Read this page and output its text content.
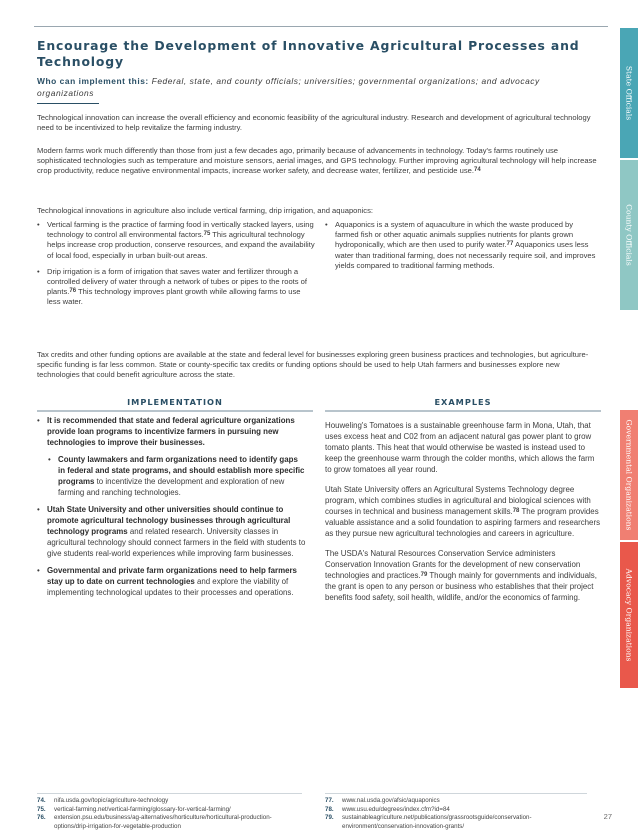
Encourage the Development of Innovative Agricultural Processes and Technology
Who can implement this: Federal, state, and county officials; universities; governmental organizations; and advocacy organizations

Technological innovation can increase the overall efficiency and economic feasibility of the agricultural industry. Research and development of agricultural technology need to be incentivized to help revitalize the farming industry.

Modern farms work much differently than those from just a few decades ago, primarily because of advancements in technology. Today's farms routinely use sophisticated technologies such as temperature and moisture sensors, aerial images, and GPS technology. Further improving agricultural technology will help increase crop productivity, reduce negative environmental impacts, increase worker safety, and decrease water, fertilizer, and pesticide use.$^{74}$

Technological innovations in agriculture also include vertical farming, drip irrigation, and aquaponics:

• Vertical farming is the practice of farming food in vertically stacked layers, using technology to control all environmental factors.$^{75}$ This agricultural technology helps increase crop production, conserve resources, and expand the availability of local food, especially in urban built-out areas.
• Drip irrigation is a form of irrigation that saves water and fertilizer through a controlled delivery of water through a network of tubes or pipes to the roots of plants.$^{76}$ This technology improves plant growth while allowing farms to use less water.
• Aquaponics is a system of aquaculture in which the waste produced by farmed fish or other aquatic animals supplies nutrients for plants grown hydroponically, which are then used to purify water.$^{77}$ Aquaponics uses less water than traditional farming, does not necessarily require soil, and improves yields compared to traditional farming methods.

Tax credits and other funding options are available at the state and federal level for businesses exploring green business practices and technologies, but agriculture-specific funding is far less common. State or county-specific tax credits or funding options should be used to help Utah farmers and businesses explore new technologies that could benefit agriculture across the state.

IMPLEMENTATION	EXAMPLES
• It is recommended that state and federal agriculture organizations provide loan programs to incentivize farmers in pursuing new technologies to improve their businesses.
• County lawmakers and farm organizations need to identify gaps in federal and state programs, and should establish more specific programs to incentivize the development and exploration of new farming and ranching technologies.
• Utah State University and other universities should continue to promote agricultural technology businesses through agricultural technology programs and related research. University classes in agricultural technology should connect farmers in the field with students to give students real-world experiences while improving farm businesses.
• Governmental and private farm organizations need to help farmers stay up to date on current technologies and explore the viability of implementing technological updates to their processes and operations.

Houweling's Tomatoes is a sustainable greenhouse farm in Mona, Utah, that uses excess heat and C02 from an adjacent natural gas power plant to grow tomato plants. This heat that would otherwise be wasted is instead used to keep the greenhouse warm through the colder months, which allows the farm to grow tomatoes all year round.

Utah State University offers an Agricultural Systems Technology degree program, which combines studies in agricultural and biological sciences with courses in technical and business management skills.$^{78}$ The program provides valuable assistance and a solid foundation to aspiring farmers and researchers as they pursue new agricultural technologies and careers in agriculture.

The USDA's Natural Resources Conservation Service administers Conservation Innovation Grants for the development of new conservation technologies and practices.$^{79}$ Though mainly for governments and individuals, the grant is open to any person or business who establishes that their project benefits food safety, soil health, wildlife, and/or the economics of farming.

74.	nifa.usda.gov/topic/agriculture-technology
75.	vertical-farming.net/vertical-farming/glossary-for-vertical-farming/
76.	extension.psu.edu/business/ag-alternatives/horticulture/horticultural-production-options/drip-irrigation-for-vegetable-production
77.	www.nal.usda.gov/afsic/aquaponics
78.	www.usu.edu/degrees/index.cfm?id=84
79.	sustainableagriculture.net/publications/grassrootsguide/conservation-environment/conservation-innovation-grants/
27
State Officials
County Officials
Governmental Organizations
Advocacy Organizations
